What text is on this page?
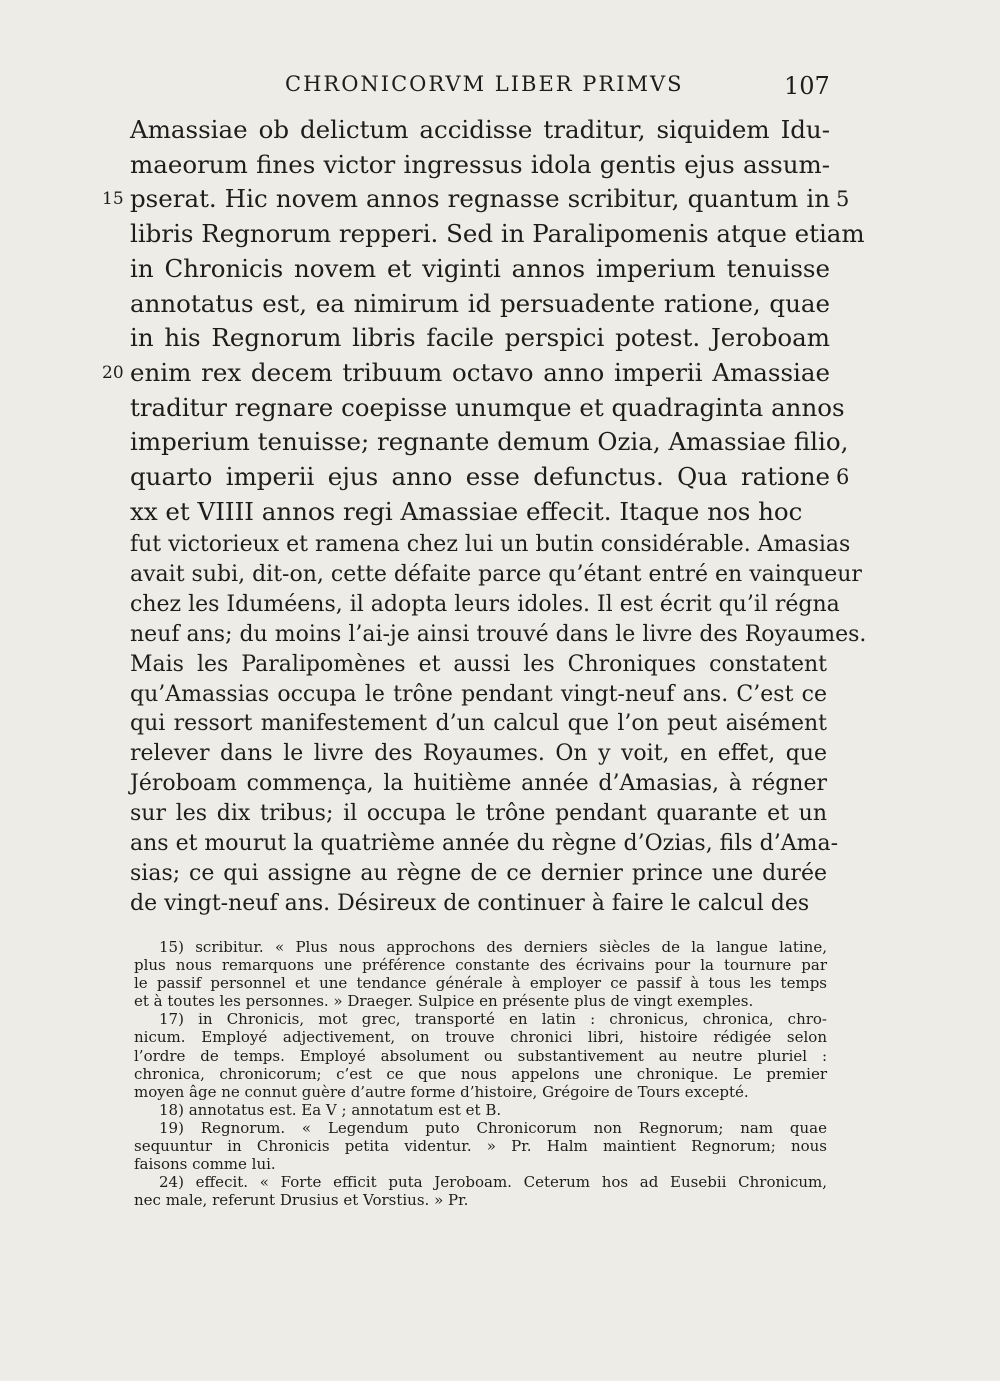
CHRONICORVM LIBER PRIMVS	107
Amassiae ob delictum accidisse traditur, siquidem Idu-
maeorum fines victor ingressus idola gentis ejus assum-
15 pserat. Hic novem annos regnasse scribitur, quantum in 5
libris Regnorum repperi. Sed in Paralipomenis atque etiam
in Chronicis novem et viginti annos imperium tenuisse
annotatus est, ea nimirum id persuadente ratione, quae
in his Regnorum libris facile perspici potest. Jeroboam
20 enim rex decem tribuum octavo anno imperii Amassiae
traditur regnare coepisse unumque et quadraginta annos
imperium tenuisse; regnante demum Ozia, Amassiae filio,
quarto imperii ejus anno esse defunctus. Qua ratione 6
xx et VIIII annos regi Amassiae effecit. Itaque nos hoc
fut victorieux et ramena chez lui un butin considérable. Amasias
avait subi, dit-on, cette défaite parce qu’étant entré en vainqueur
chez les Iduméens, il adopta leurs idoles. Il est écrit qu’il régna
neuf ans; du moins l’ai-je ainsi trouvé dans le livre des Royaumes.
Mais les Paralipomènes et aussi les Chroniques constatent
qu’Amassias occupa le trône pendant vingt-neuf ans. C’est ce
qui ressort manifestement d’un calcul que l’on peut aisément
relever dans le livre des Royaumes. On y voit, en effet, que
Jéroboam commença, la huitième année d’Amasias, à régner
sur les dix tribus; il occupa le trône pendant quarante et un
ans et mourut la quatrième année du règne d’Ozias, fils d’Ama-
sias; ce qui assigne au règne de ce dernier prince une durée
de vingt-neuf ans. Désireux de continuer à faire le calcul des
15) scribitur. « Plus nous approchons des derniers siècles de la langue latine,
plus nous remarquons une préférence constante des écrivains pour la tournure par
le passif personnel et une tendance générale à employer ce passif à tous les temps
et à toutes les personnes. » Draeger. Sulpice en présente plus de vingt exemples.
17) in Chronicis, mot grec, transporté en latin : chronicus, chronica, chro-
nicum. Employé adjectivement, on trouve chronici libri, histoire rédigée selon
l’ordre de temps. Employé absolument ou substantivement au neutre pluriel :
chronica, chronicorum; c’est ce que nous appelons une chronique. Le premier
moyen âge ne connut guère d’autre forme d’histoire, Grégoire de Tours excepté.
18) annotatus est. Ea V ; annotatum est et B.
19) Regnorum. « Legendum puto Chronicorum non Regnorum; nam quae
sequuntur in Chronicis petita videntur. » Pr. Halm maintient Regnorum; nous
faisons comme lui.
24) effecit. « Forte efficit puta Jeroboam. Ceterum hos ad Eusebii Chronicum,
nec male, referunt Drusius et Vorstius. » Pr.
